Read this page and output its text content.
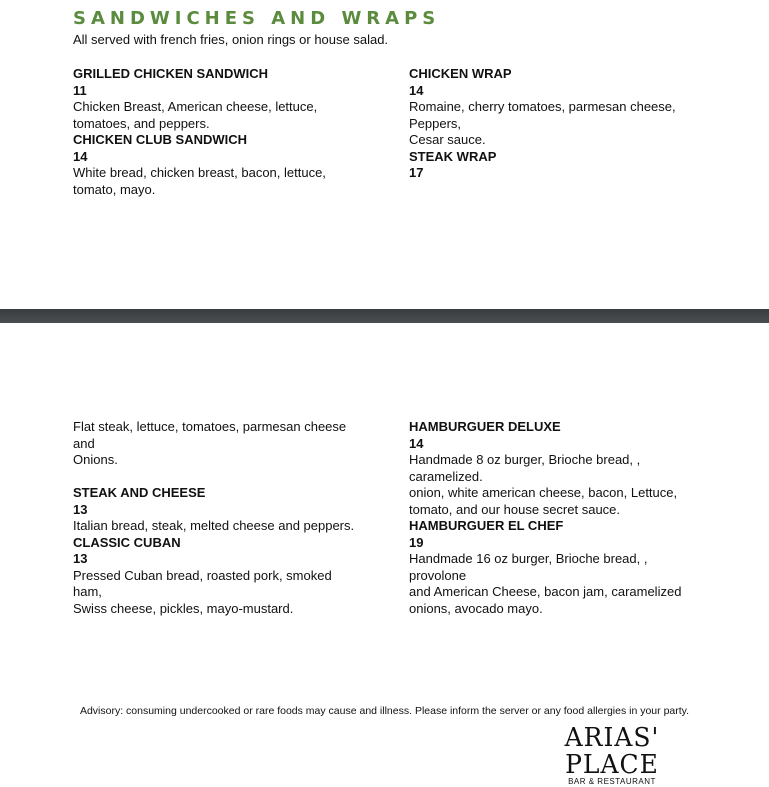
SANDWICHES AND WRAPS
All served with french fries, onion rings or house salad.
GRILLED CHICKEN SANDWICH
11
Chicken Breast, American cheese, lettuce,
tomatoes, and peppers.
CHICKEN CLUB SANDWICH
14
White bread, chicken breast, bacon, lettuce,
tomato, mayo.
CHICKEN WRAP
14
Romaine, cherry tomatoes, parmesan cheese,
Peppers,
Cesar sauce.
STEAK WRAP
17
Flat steak, lettuce, tomatoes, parmesan cheese
and
Onions.
STEAK AND CHEESE
13
Italian bread, steak, melted cheese and peppers.
CLASSIC CUBAN
13
Pressed Cuban bread, roasted pork, smoked
ham,
Swiss cheese, pickles, mayo-mustard.
HAMBURGUER DELUXE
14
Handmade 8 oz burger, Brioche bread, ,
caramelized.
onion, white american cheese, bacon, Lettuce,
tomato, and our house secret sauce.
HAMBURGUER EL CHEF
19
Handmade 16 oz burger, Brioche bread, ,
provolone
and American Cheese, bacon jam, caramelized
onions, avocado mayo.
Advisory: consuming undercooked or rare foods may cause and illness. Please inform the server or any food allergies in your party.
ARIAS' PLACE
BAR & RESTAURANT
